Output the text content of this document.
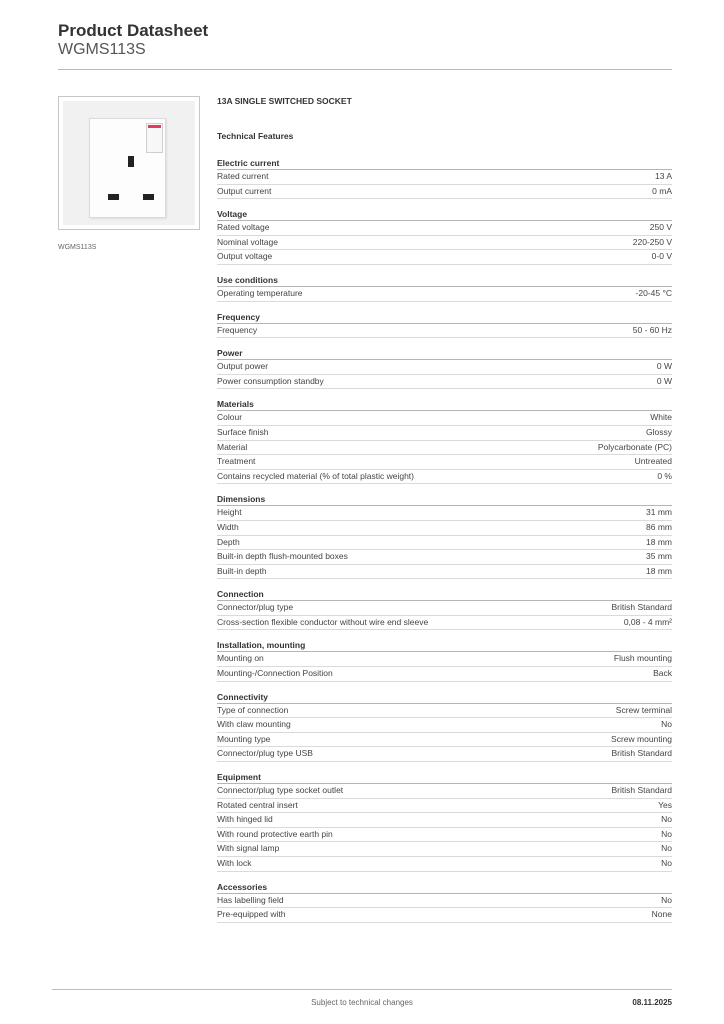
Product Datasheet
WGMS113S
WGMS113S
13A SINGLE SWITCHED SOCKET
Technical Features
Electric current
Rated current	13 A
Output current	0 mA
Voltage
Rated voltage	250 V
Nominal voltage	220-250 V
Output voltage	0-0 V
Use conditions
Operating temperature	-20-45 °C
Frequency
Frequency	50 - 60 Hz
Power
Output power	0 W
Power consumption standby	0 W
Materials
Colour	White
Surface finish	Glossy
Material	Polycarbonate (PC)
Treatment	Untreated
Contains recycled material (% of total plastic weight)	0 %
Dimensions
Height	31 mm
Width	86 mm
Depth	18 mm
Built-in depth flush-mounted boxes	35 mm
Built-in depth	18 mm
Connection
Connector/plug type	British Standard
Cross-section flexible conductor without wire end sleeve	0,08 - 4 mm²
Installation, mounting
Mounting on	Flush mounting
Mounting-/Connection Position	Back
Connectivity
Type of connection	Screw terminal
With claw mounting	No
Mounting type	Screw mounting
Connector/plug type USB	British Standard
Equipment
Connector/plug type socket outlet	British Standard
Rotated central insert	Yes
With hinged lid	No
With round protective earth pin	No
With signal lamp	No
With lock	No
Accessories
Has labelling field	No
Pre-equipped with	None
Subject to technical changes	08.11.2025
